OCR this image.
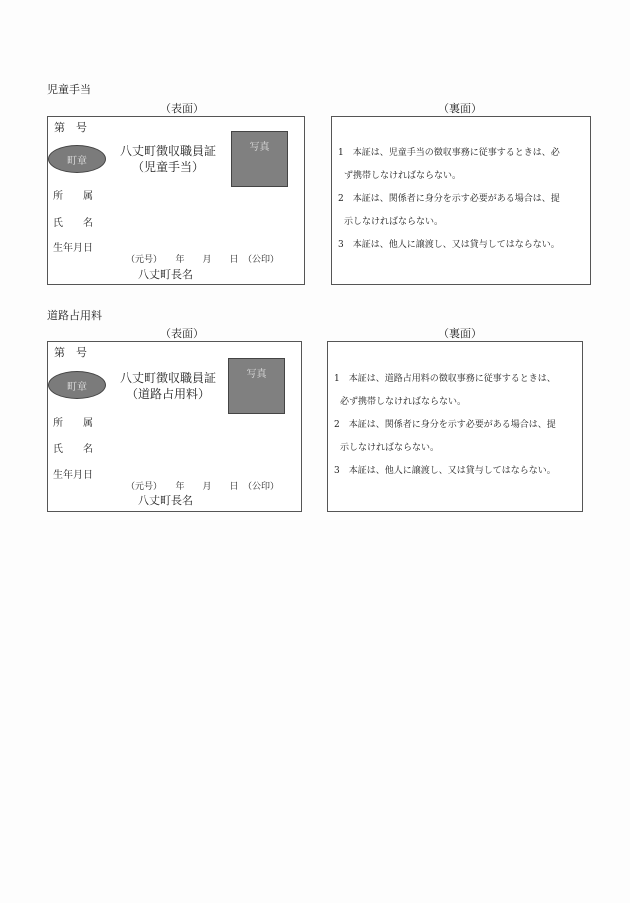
児童手当
（表面）	（裏面）
第　号
町章
八丈町徴収職員証
（児童手当）
写真
所　　属
氏　　名
生年月日
（元号）　　年　　月　　日　（公印）
八丈町長名

1　本証は、児童手当の徴収事務に従事するときは、必

ず携帯しなければならない。

2　本証は、関係者に身分を示す必要がある場合は、提

示しなければならない。

3　本証は、他人に譲渡し、又は貸与してはならない。

道路占用料
（表面）	（裏面）
第　号
町章
八丈町徴収職員証
（道路占用料）
写真
所　　属
氏　　名
生年月日
（元号）　　年　　月　　日　（公印）
八丈町長名

1　本証は、道路占用料の徴収事務に従事するときは、

必ず携帯しなければならない。

2　本証は、関係者に身分を示す必要がある場合は、提

示しなければならない。

3　本証は、他人に譲渡し、又は貸与してはならない。
